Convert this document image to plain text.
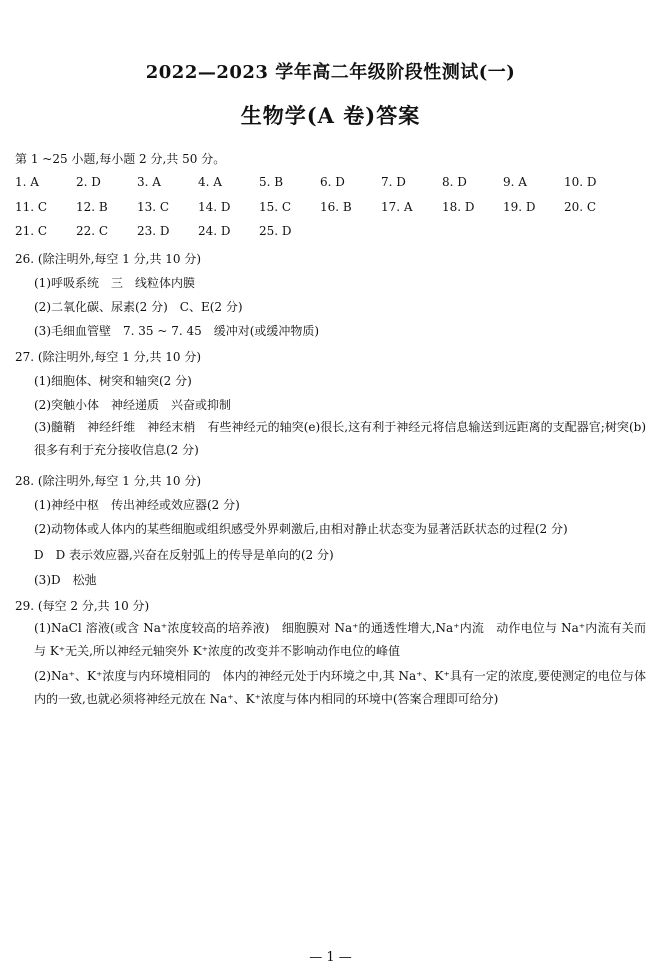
2022—2023 学年高二年级阶段性测试(一)
生物学(A 卷)答案
第 1 ~25 小题,每小题 2 分,共 50 分。
1. A	2. D	3. A	4. A	5. B	6. D	7. D	8. D	9. A	10. D
11. C 12. B 13. C 14. D 15. C 16. B 17. A 18. D 19. D 20. C
21. C 22. C 23. D 24. D 25. D
26. (除注明外,每空 1 分,共 10 分)
(1)呼吸系统　三　线粒体内膜
(2)二氧化碳、尿素(2 分)　C、E(2 分)
(3)毛细血管壁　7. 35 ~ 7. 45　缓冲对(或缓冲物质)
27. (除注明外,每空 1 分,共 10 分)
(1)细胞体、树突和轴突(2 分)
(2)突触小体　神经递质　兴奋或抑制
(3)髓鞘　神经纤维　神经末梢　有些神经元的轴突(e)很长,这有利于神经元将信息输送到远距离的支配器官;树突(b)很多有利于充分接收信息(2 分)
28. (除注明外,每空 1 分,共 10 分)
(1)神经中枢　传出神经或效应器(2 分)
(2)动物体或人体内的某些细胞或组织感受外界刺激后,由相对静止状态变为显著活跃状态的过程(2 分)
D　D 表示效应器,兴奋在反射弧上的传导是单向的(2 分)
(3)D　松弛
29. (每空 2 分,共 10 分)
(1)NaCl 溶液(或含 Na⁺浓度较高的培养液)　细胞膜对 Na⁺的通透性增大,Na⁺内流　动作电位与 Na⁺内流有关而与 K⁺无关,所以神经元轴突外 K⁺浓度的改变并不影响动作电位的峰值
(2)Na⁺、K⁺浓度与内环境相同的　体内的神经元处于内环境之中,其 Na⁺、K⁺具有一定的浓度,要使测定的电位与体内的一致,也就必须将神经元放在 Na⁺、K⁺浓度与体内相同的环境中(答案合理即可给分)
— 1 —
